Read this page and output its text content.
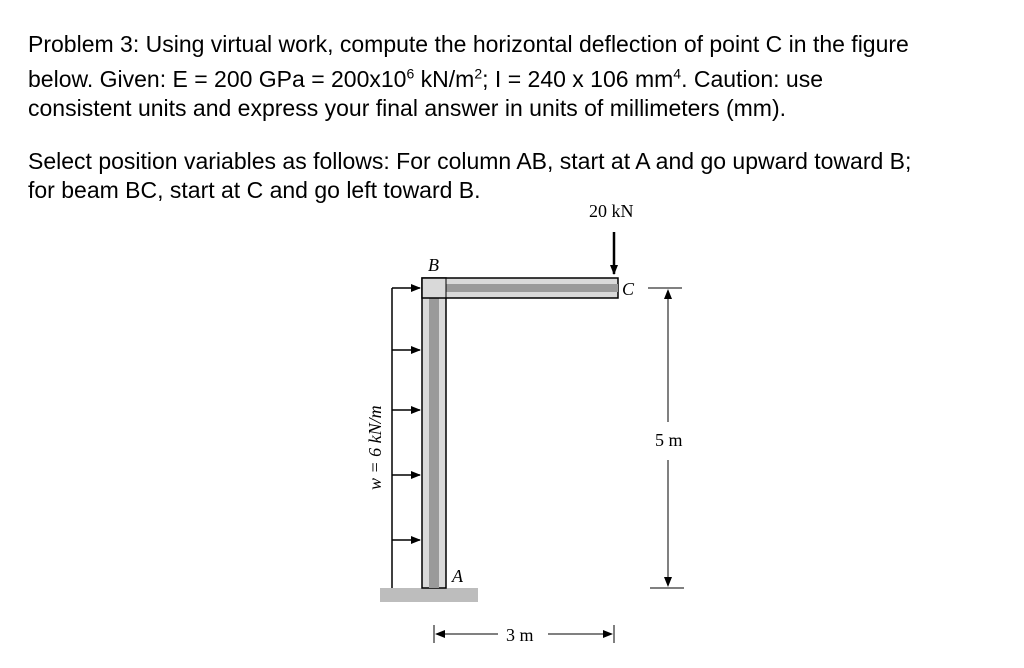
Problem 3: Using virtual work, compute the horizontal deflection of point C in the figure
below. Given: E = 200 GPa = $200x10^6$ $kN/m^2$; I = 240 x 106 $mm^4$. Caution: use
consistent units and express your final answer in units of millimeters (mm).

Select position variables as follows: For column AB, start at A and go upward toward B;
for beam BC, start at C and go left toward B.

w = 6 kN/m
20 kN
B
C
A
5 m
3 m
